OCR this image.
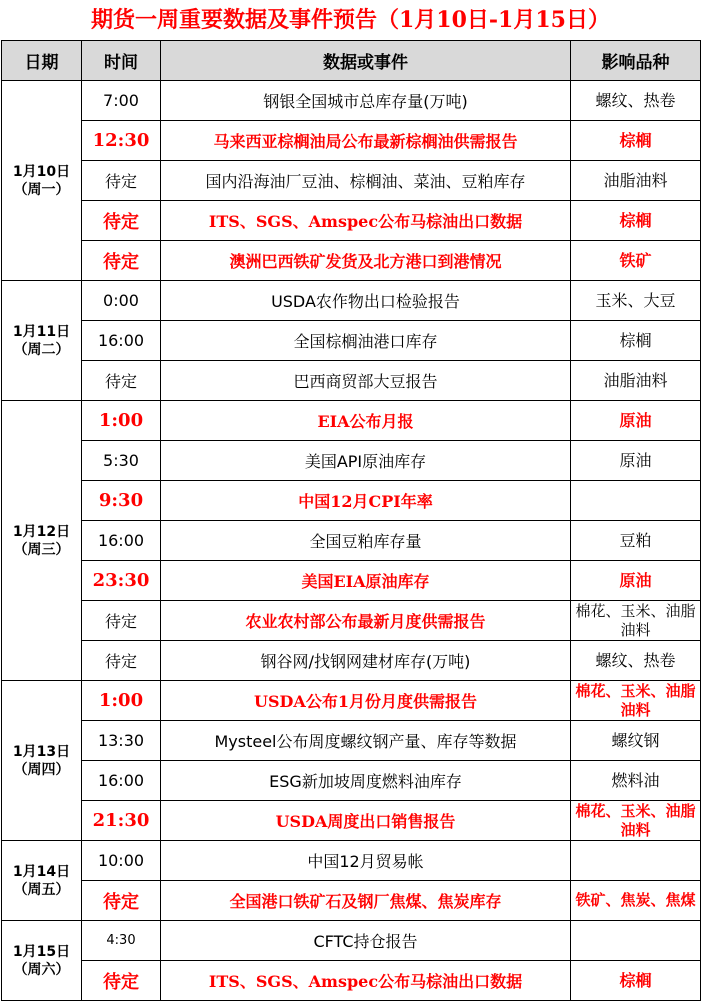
期货一周重要数据及事件预告（1月10日-1月15日）
日期	时间	数据或事件	影响品种

1月10日
（周一）	7:00	钢银全国城市总库存量(万吨)	螺纹、热卷
	12:30	马来西亚棕榈油局公布最新棕榈油供需报告	棕榈
	待定	国内沿海油厂豆油、棕榈油、菜油、豆粕库存	油脂油料
	待定	ITS、SGS、Amspec公布马棕油出口数据	棕榈
	待定	澳洲巴西铁矿发货及北方港口到港情况	铁矿

1月11日
（周二）	0:00	USDA农作物出口检验报告	玉米、大豆
	16:00	全国棕榈油港口库存	棕榈
	待定	巴西商贸部大豆报告	油脂油料

1月12日
（周三）	1:00	EIA公布月报	原油
	5:30	美国API原油库存	原油
	9:30	中国12月CPI年率	
	16:00	全国豆粕库存量	豆粕
	23:30	美国EIA原油库存	原油
	待定	农业农村部公布最新月度供需报告	棉花、玉米、油脂油料
	待定	钢谷网/找钢网建材库存(万吨)	螺纹、热卷

1月13日
（周四）	1:00	USDA公布1月份月度供需报告	棉花、玉米、油脂油料
	13:30	Mysteel公布周度螺纹钢产量、库存等数据	螺纹钢
	16:00	ESG新加坡周度燃料油库存	燃料油
	21:30	USDA周度出口销售报告	棉花、玉米、油脂油料

1月14日
（周五）	10:00	中国12月贸易帐	
	待定	全国港口铁矿石及钢厂焦煤、焦炭库存	铁矿、焦炭、焦煤

1月15日
（周六）	4:30	CFTC持仓报告	
	待定	ITS、SGS、Amspec公布马棕油出口数据	棕榈
